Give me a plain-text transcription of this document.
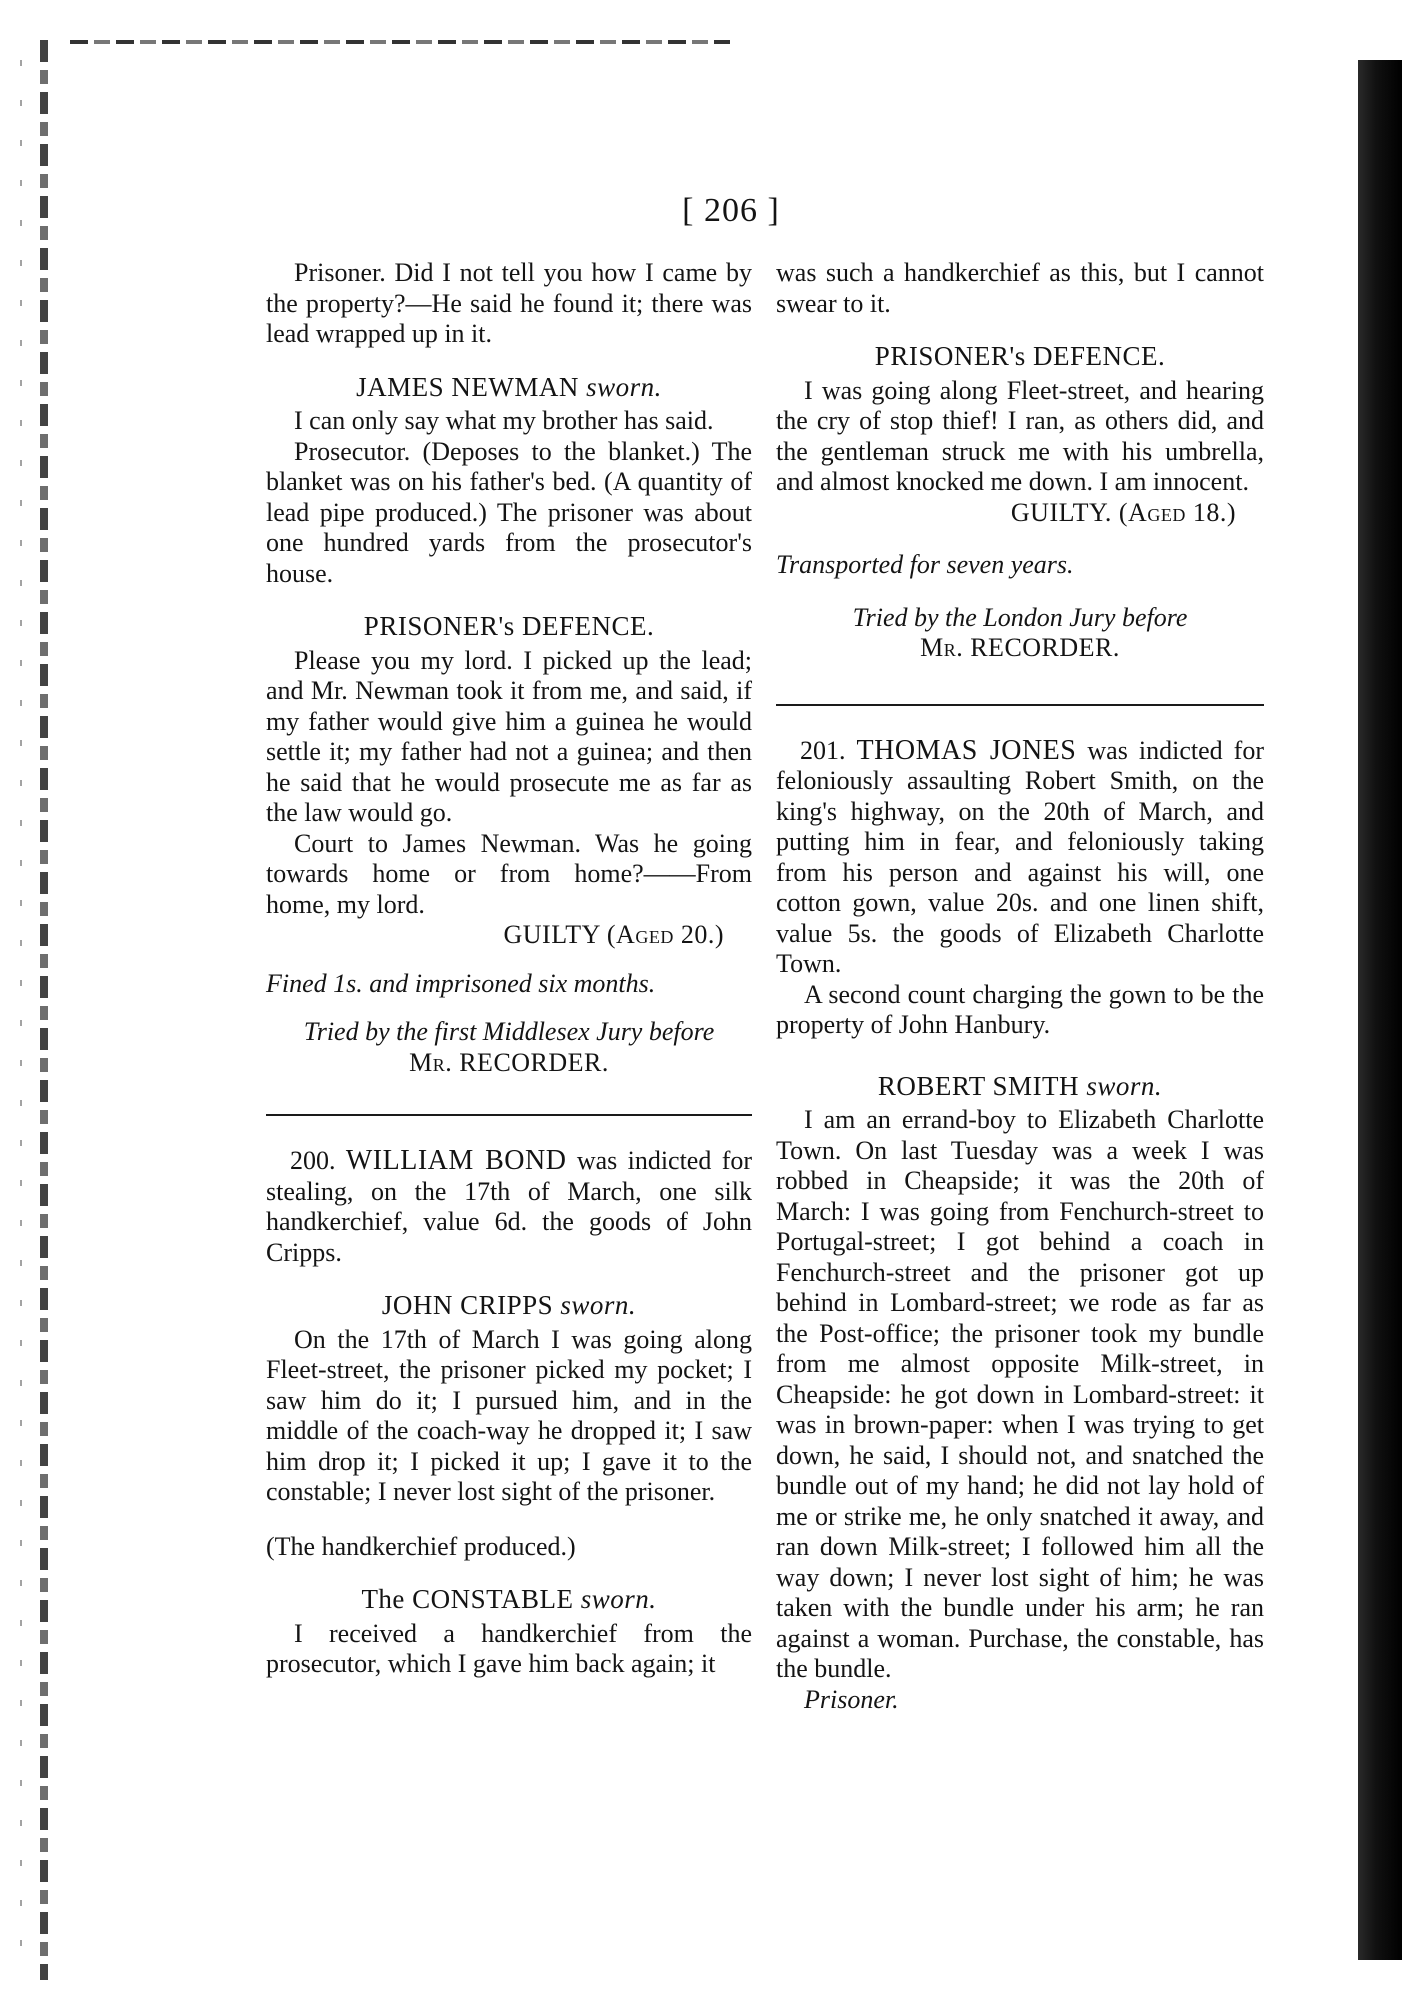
[ 206 ]

Prisoner. Did I not tell you how I came by the property?—He said he found it; there was lead wrapped up in it.

JAMES NEWMAN sworn.

I can only say what my brother has said.

Prosecutor. (Deposes to the blanket.) The blanket was on his father's bed. (A quantity of lead pipe produced.) The prisoner was about one hundred yards from the prosecutor's house.

PRISONER's DEFENCE.

Please you my lord. I picked up the lead; and Mr. Newman took it from me, and said, if my father would give him a guinea he would settle it; my father had not a guinea; and then he said that he would prosecute me as far as the law would go.

Court to James Newman. Was he going towards home or from home?——From home, my lord.

GUILTY (Aged 20.)

Fined 1s. and imprisoned six months.

Tried by the first Middlesex Jury before
Mr. RECORDER.

200. WILLIAM BOND was indicted for stealing, on the 17th of March, one silk handkerchief, value 6d. the goods of John Cripps.

JOHN CRIPPS sworn.

On the 17th of March I was going along Fleet-street, the prisoner picked my pocket; I saw him do it; I pursued him, and in the middle of the coach-way he dropped it; I saw him drop it; I picked it up; I gave it to the constable; I never lost sight of the prisoner.

(The handkerchief produced.)

The CONSTABLE sworn.

I received a handkerchief from the prosecutor, which I gave him back again; it

was such a handkerchief as this, but I cannot swear to it.

PRISONER's DEFENCE.

I was going along Fleet-street, and hearing the cry of stop thief! I ran, as others did, and the gentleman struck me with his umbrella, and almost knocked me down. I am innocent.

GUILTY. (Aged 18.)

Transported for seven years.

Tried by the London Jury before
Mr. RECORDER.

201. THOMAS JONES was indicted for feloniously assaulting Robert Smith, on the king's highway, on the 20th of March, and putting him in fear, and feloniously taking from his person and against his will, one cotton gown, value 20s. and one linen shift, value 5s. the goods of Elizabeth Charlotte Town.

A second count charging the gown to be the property of John Hanbury.

ROBERT SMITH sworn.

I am an errand-boy to Elizabeth Charlotte Town. On last Tuesday was a week I was robbed in Cheapside; it was the 20th of March: I was going from Fenchurch-street to Portugal-street; I got behind a coach in Fenchurch-street and the prisoner got up behind in Lombard-street; we rode as far as the Post-office; the prisoner took my bundle from me almost opposite Milk-street, in Cheapside: he got down in Lombard-street: it was in brown-paper: when I was trying to get down, he said, I should not, and snatched the bundle out of my hand; he did not lay hold of me or strike me, he only snatched it away, and ran down Milk-street; I followed him all the way down; I never lost sight of him; he was taken with the bundle under his arm; he ran against a woman. Purchase, the constable, has the bundle.

Prisoner.
